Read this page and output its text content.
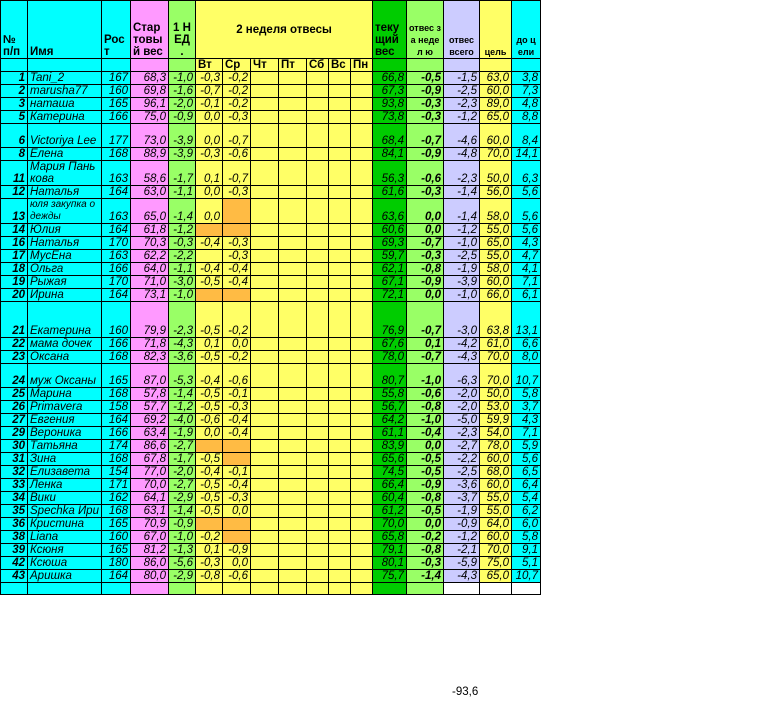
№ п/п	Имя	Рост	Стар товы й вес	1 НЕД .	2 неделя отвесы							теку щий вес	отвес за недел ю	отвес всего	цель	до цели
					Вт	Ср	Чт	Пт	Сб	Вс	Пн					
1	Tani_2	167	68,3	-1,0	-0,3	-0,2						66,8	-0,5	-1,5	63,0	3,8
2	marusha77	160	69,8	-1,6	-0,7	-0,2						67,3	-0,9	-2,5	60,0	7,3
3	наташа	165	96,1	-2,0	-0,1	-0,2						93,8	-0,3	-2,3	89,0	4,8
5	Катерина	166	75,0	-0,9	0,0	-0,3						73,8	-0,3	-1,2	65,0	8,8
6	Victoriya Lee	177	73,0	-3,9	0,0	-0,7						68,4	-0,7	-4,6	60,0	8,4
8	Елена	168	88,9	-3,9	-0,3	-0,6						84,1	-0,9	-4,8	70,0	14,1
11	Мария Панькова	163	58,6	-1,7	0,1	-0,7						56,3	-0,6	-2,3	50,0	6,3
12	Наталья	164	63,0	-1,1	0,0	-0,3						61,6	-0,3	-1,4	56,0	5,6
13	юля закупка одежды	163	65,0	-1,4	0,0							63,6	0,0	-1,4	58,0	5,6
14	Юлия	164	61,8	-1,2								60,6	0,0	-1,2	55,0	5,6
16	Наталья	170	70,3	-0,3	-0,4	-0,3						69,3	-0,7	-1,0	65,0	4,3
17	МусЕна	163	62,2	-2,2		-0,3						59,7	-0,3	-2,5	55,0	4,7
18	Ольга	166	64,0	-1,1	-0,4	-0,4						62,1	-0,8	-1,9	58,0	4,1
19	Рыжая	170	71,0	-3,0	-0,5	-0,4						67,1	-0,9	-3,9	60,0	7,1
20	Ирина	164	73,1	-1,0								72,1	0,0	-1,0	66,0	6,1
21	Екатерина	160	79,9	-2,3	-0,5	-0,2						76,9	-0,7	-3,0	63,8	13,1
22	мама дочек	166	71,8	-4,3	0,1	0,0						67,6	0,1	-4,2	61,0	6,6
23	Оксана	168	82,3	-3,6	-0,5	-0,2						78,0	-0,7	-4,3	70,0	8,0
24	муж Оксаны	165	87,0	-5,3	-0,4	-0,6						80,7	-1,0	-6,3	70,0	10,7
25	Марина	168	57,8	-1,4	-0,5	-0,1						55,8	-0,6	-2,0	50,0	5,8
26	Primavera	158	57,7	-1,2	-0,5	-0,3						56,7	-0,8	-2,0	53,0	3,7
27	Евгения	164	69,2	-4,0	-0,6	-0,4						64,2	-1,0	-5,0	59,9	4,3
29	Вероника	166	63,4	-1,9	0,0	-0,4						61,1	-0,4	-2,3	54,0	7,1
30	Татьяна	174	86,6	-2,7								83,9	0,0	-2,7	78,0	5,9
31	Зина	168	67,8	-1,7	-0,5							65,6	-0,5	-2,2	60,0	5,6
32	Елизавета	154	77,0	-2,0	-0,4	-0,1						74,5	-0,5	-2,5	68,0	6,5
33	Ленка	171	70,0	-2,7	-0,5	-0,4						66,4	-0,9	-3,6	60,0	6,4
34	Вики	162	64,1	-2,9	-0,5	-0,3						60,4	-0,8	-3,7	55,0	5,4
35	Spechka Ири	168	63,1	-1,4	-0,5	0,0						61,2	-0,5	-1,9	55,0	6,2
36	Кристина	165	70,9	-0,9								70,0	0,0	-0,9	64,0	6,0
38	Liana	160	67,0	-1,0	-0,2							65,8	-0,2	-1,2	60,0	5,8
39	Ксюня	165	81,2	-1,3	0,1	-0,9						79,1	-0,8	-2,1	70,0	9,1
42	Ксюша	180	86,0	-5,6	-0,3	0,0						80,1	-0,3	-5,9	75,0	5,1
43	Аришка	164	80,0	-2,9	-0,8	-0,6						75,7	-1,4	-4,3	65,0	10,7

-93,6
